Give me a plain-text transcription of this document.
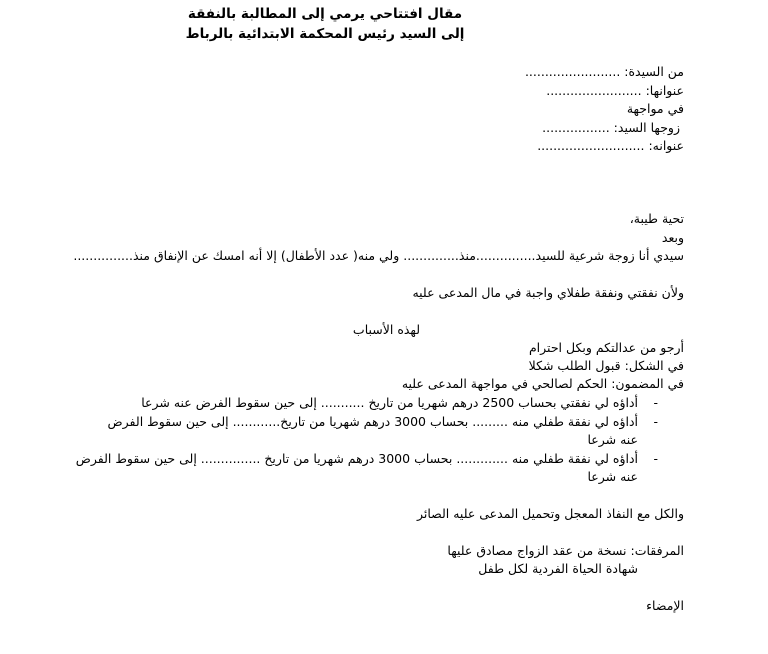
مقال افتتاحي يرمي إلى المطالبة بالنفقة
إلى السيد رئيس المحكمة الابتدائية بالرباط
من السيدة: ........................
عنوانها: ........................
في مواجهة
زوجها السيد: .................
عنوانه: ...........................
تحية طيبة،
وبعد
سيدي أنا زوجة شرعية للسيد...............منذ.............. ولي منه( عدد الأطفال) إلا أنه امسك عن الإنفاق منذ...............
ولأن نفقتي ونفقة طفلاي واجبة في مال المدعى عليه
لهذه الأسباب
أرجو من عدالتكم وبكل احترام
في الشكل: قبول الطلب شكلا
في المضمون: الحكم لصالحي في مواجهة المدعى عليه
-
أداؤه لي نفقتي بحساب 2500 درهم شهريا من تاريخ ........... إلى حين سقوط الفرض عنه شرعا
-
أداؤه لي نفقة طفلي منه ......... بحساب 3000 درهم شهريا من تاريخ............ إلى حين سقوط الفرض
عنه شرعا
-
أداؤه لي نفقة طفلي منه ............. بحساب 3000 درهم شهريا من تاريخ ............... إلى حين سقوط الفرض
عنه شرعا
والكل مع النفاذ المعجل وتحميل المدعى عليه الصائر
المرفقات: نسخة من عقد الزواج مصادق عليها
شهادة الحياة الفردية لكل طفل
الإمضاء
